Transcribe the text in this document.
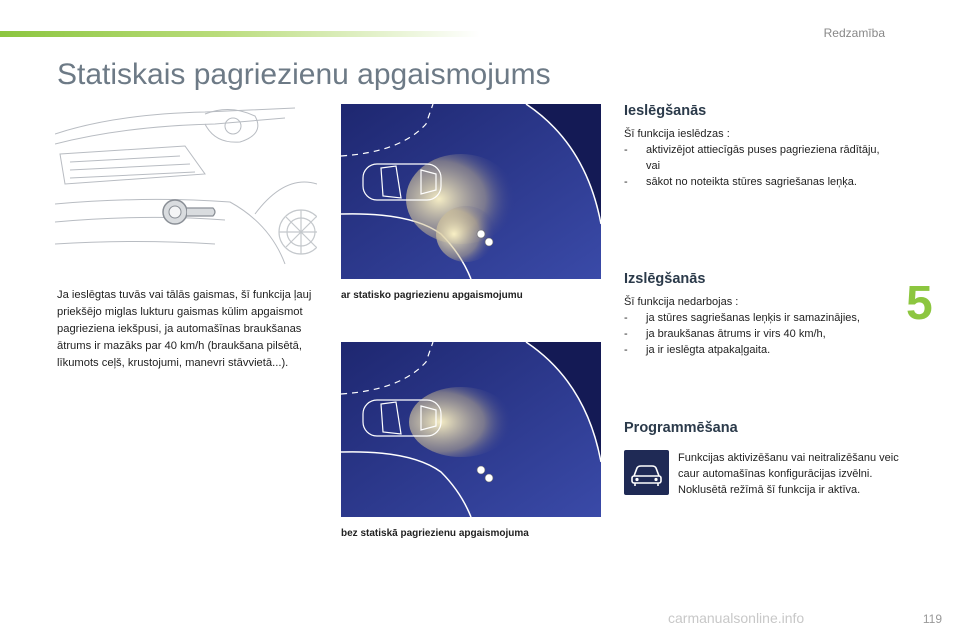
Redzamība
Statiskais pagriezienu apgaismojums

Ja ieslēgtas tuvās vai tālās gaismas, šī funkcija ļauj priekšējo miglas lukturu gaismas kūlim apgaismot pagrieziena iekšpusi, ja automašīnas braukšanas ātrums ir mazāks par 40 km/h (braukšana pilsētā, līkumots ceļš, krustojumi, manevri stāvvietā...).

ar statisko pagriezienu apgaismojumu

bez statiskā pagriezienu apgaismojuma

Ieslēgšanās

Šī funkcija ieslēdzas :

-	aktivizējot attiecīgās puses pagrieziena rādītāju,

vai

-	sākot no noteikta stūres sagriešanas leņķa.
Izslēgšanās

Šī funkcija nedarbojas :

-	ja stūres sagriešanas leņķis ir samazinājies,
-	ja braukšanas ātrums ir virs 40 km/h,
-	ja ir ieslēgta atpakaļgaita.
Programmēšana
Funkcijas aktivizēšanu vai neitralizēšanu veic caur automašīnas konfigurācijas izvēlni.
Noklusētā režīmā šī funkcija ir aktīva.
5
carmanualsonline.info	119
